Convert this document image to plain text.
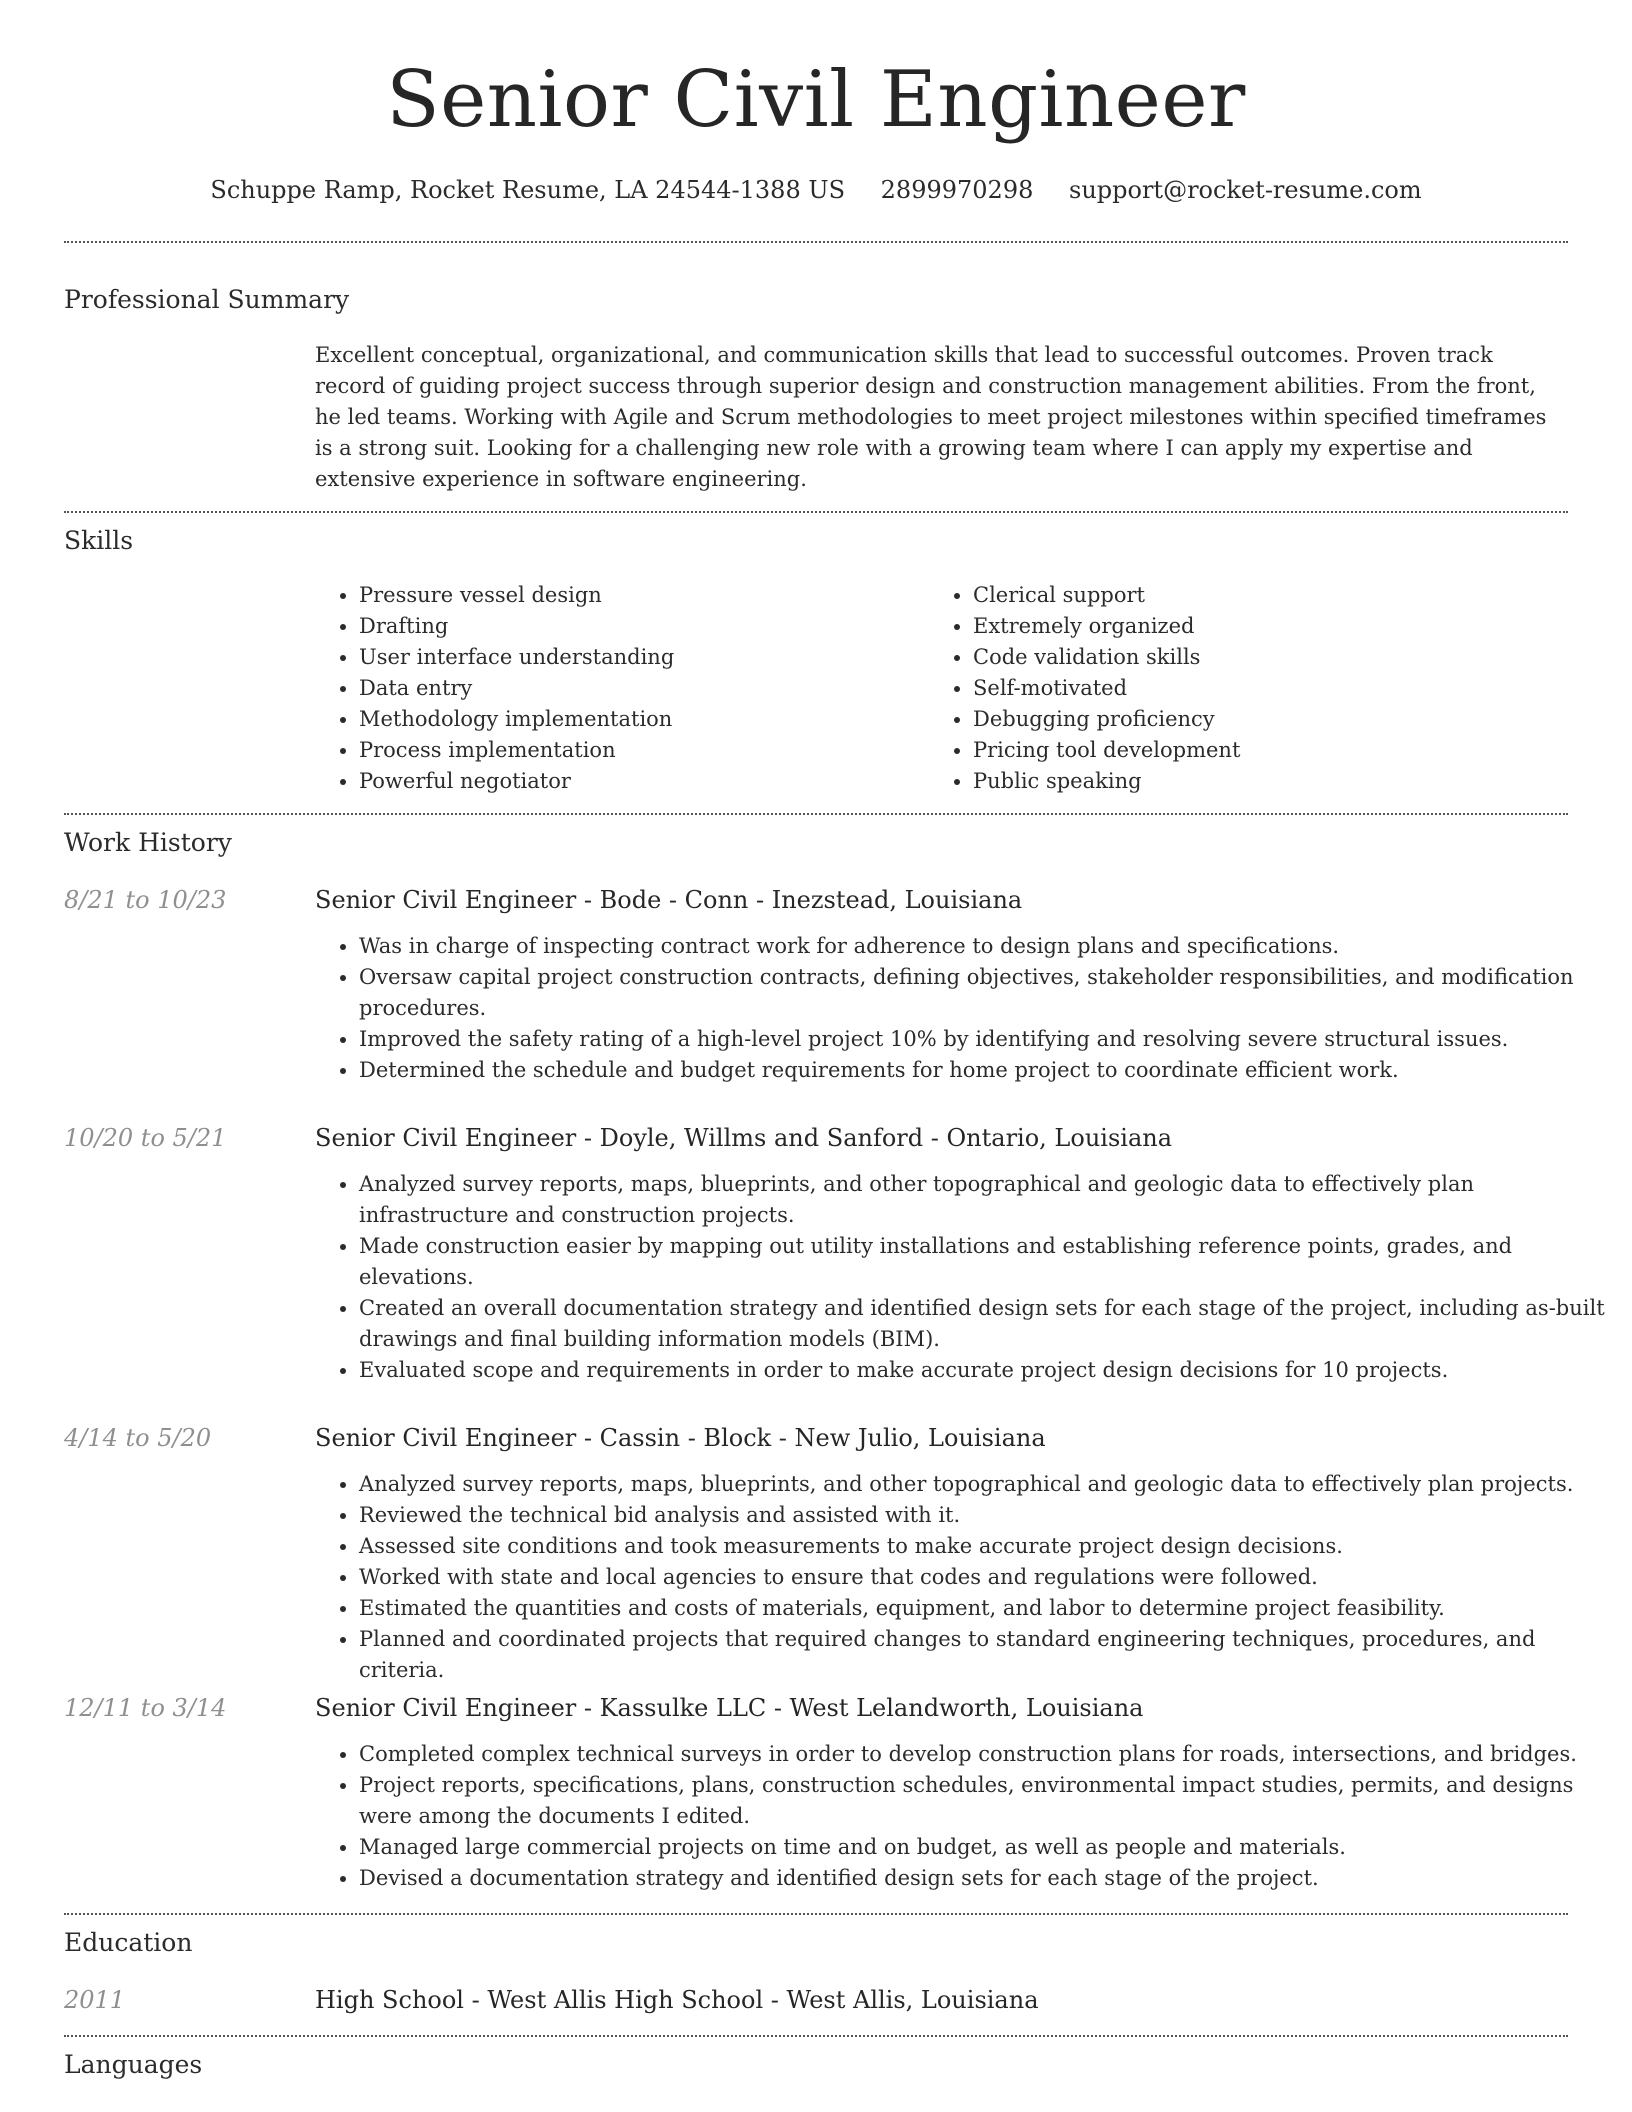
Senior Civil Engineer
Schuppe Ramp, Rocket Resume, LA 24544-1388 US 2899970298 support@rocket-resume.com
Professional Summary

Excellent conceptual, organizational, and communication skills that lead to successful outcomes. Proven track record of guiding project success through superior design and construction management abilities. From the front, he led teams. Working with Agile and Scrum methodologies to meet project milestones within specified timeframes is a strong suit. Looking for a challenging new role with a growing team where I can apply my expertise and extensive experience in software engineering.

Skills
• Pressure vessel design
• Drafting
• User interface understanding
• Data entry
• Methodology implementation
• Process implementation
• Powerful negotiator
• Clerical support
• Extremely organized
• Code validation skills
• Self-motivated
• Debugging proficiency
• Pricing tool development
• Public speaking
Work History
8/21 to 10/23	Senior Civil Engineer - Bode - Conn - Inezstead, Louisiana
• Was in charge of inspecting contract work for adherence to design plans and specifications.
• Oversaw capital project construction contracts, defining objectives, stakeholder responsibilities, and modification procedures.
• Improved the safety rating of a high-level project 10% by identifying and resolving severe structural issues.
• Determined the schedule and budget requirements for home project to coordinate efficient work.
10/20 to 5/21	Senior Civil Engineer - Doyle, Willms and Sanford - Ontario, Louisiana
• Analyzed survey reports, maps, blueprints, and other topographical and geologic data to effectively plan infrastructure and construction projects.
• Made construction easier by mapping out utility installations and establishing reference points, grades, and elevations.
• Created an overall documentation strategy and identified design sets for each stage of the project, including as-built drawings and final building information models (BIM).
• Evaluated scope and requirements in order to make accurate project design decisions for 10 projects.
4/14 to 5/20	Senior Civil Engineer - Cassin - Block - New Julio, Louisiana
• Analyzed survey reports, maps, blueprints, and other topographical and geologic data to effectively plan projects.
• Reviewed the technical bid analysis and assisted with it.
• Assessed site conditions and took measurements to make accurate project design decisions.
• Worked with state and local agencies to ensure that codes and regulations were followed.
• Estimated the quantities and costs of materials, equipment, and labor to determine project feasibility.
• Planned and coordinated projects that required changes to standard engineering techniques, procedures, and criteria.
12/11 to 3/14	Senior Civil Engineer - Kassulke LLC - West Lelandworth, Louisiana
• Completed complex technical surveys in order to develop construction plans for roads, intersections, and bridges.
• Project reports, specifications, plans, construction schedules, environmental impact studies, permits, and designs were among the documents I edited.
• Managed large commercial projects on time and on budget, as well as people and materials.
• Devised a documentation strategy and identified design sets for each stage of the project.
Education
2011	High School - West Allis High School - West Allis, Louisiana
Languages
